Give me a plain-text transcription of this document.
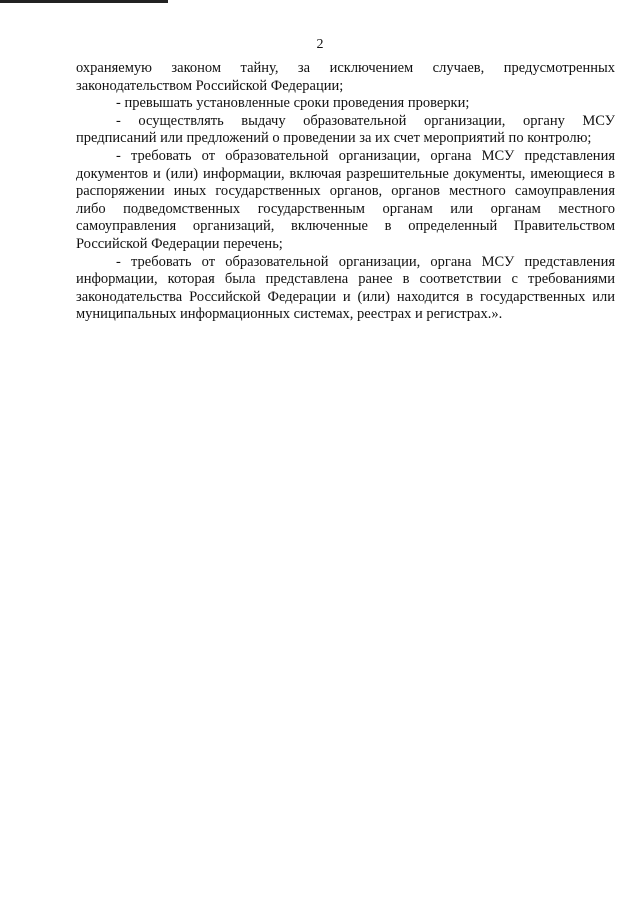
2

охраняемую законом тайну, за исключением случаев, предусмотренных законодательством Российской Федерации;

- превышать установленные сроки проведения проверки;

- осуществлять выдачу образовательной организации, органу МСУ предписаний или предложений о проведении за их счет мероприятий по контролю;

- требовать от образовательной организации, органа МСУ представления документов и (или) информации, включая разрешительные документы, имеющиеся в распоряжении иных государственных органов, органов местного самоуправления либо подведомственных государственным органам или органам местного самоуправления организаций, включенные в определенный Правительством Российской Федерации перечень;

- требовать от образовательной организации, органа МСУ представления информации, которая была представлена ранее в соответствии с требованиями законодательства Российской Федерации и (или) находится в государственных или муниципальных информационных системах, реестрах и регистрах.».
